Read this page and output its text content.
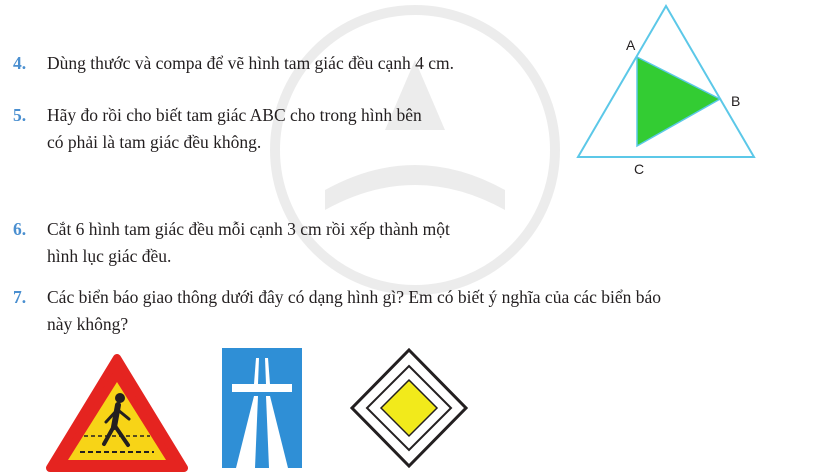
4. Dùng thước và compa để vẽ hình tam giác đều cạnh 4 cm.
5. Hãy đo rồi cho biết tam giác ABC cho trong hình bên
có phải là tam giác đều không.
6. Cắt 6 hình tam giác đều mỗi cạnh 3 cm rồi xếp thành một
hình lục giác đều.
7. Các biển báo giao thông dưới đây có dạng hình gì? Em có biết ý nghĩa của các biển báo
này không?
A
B
C
